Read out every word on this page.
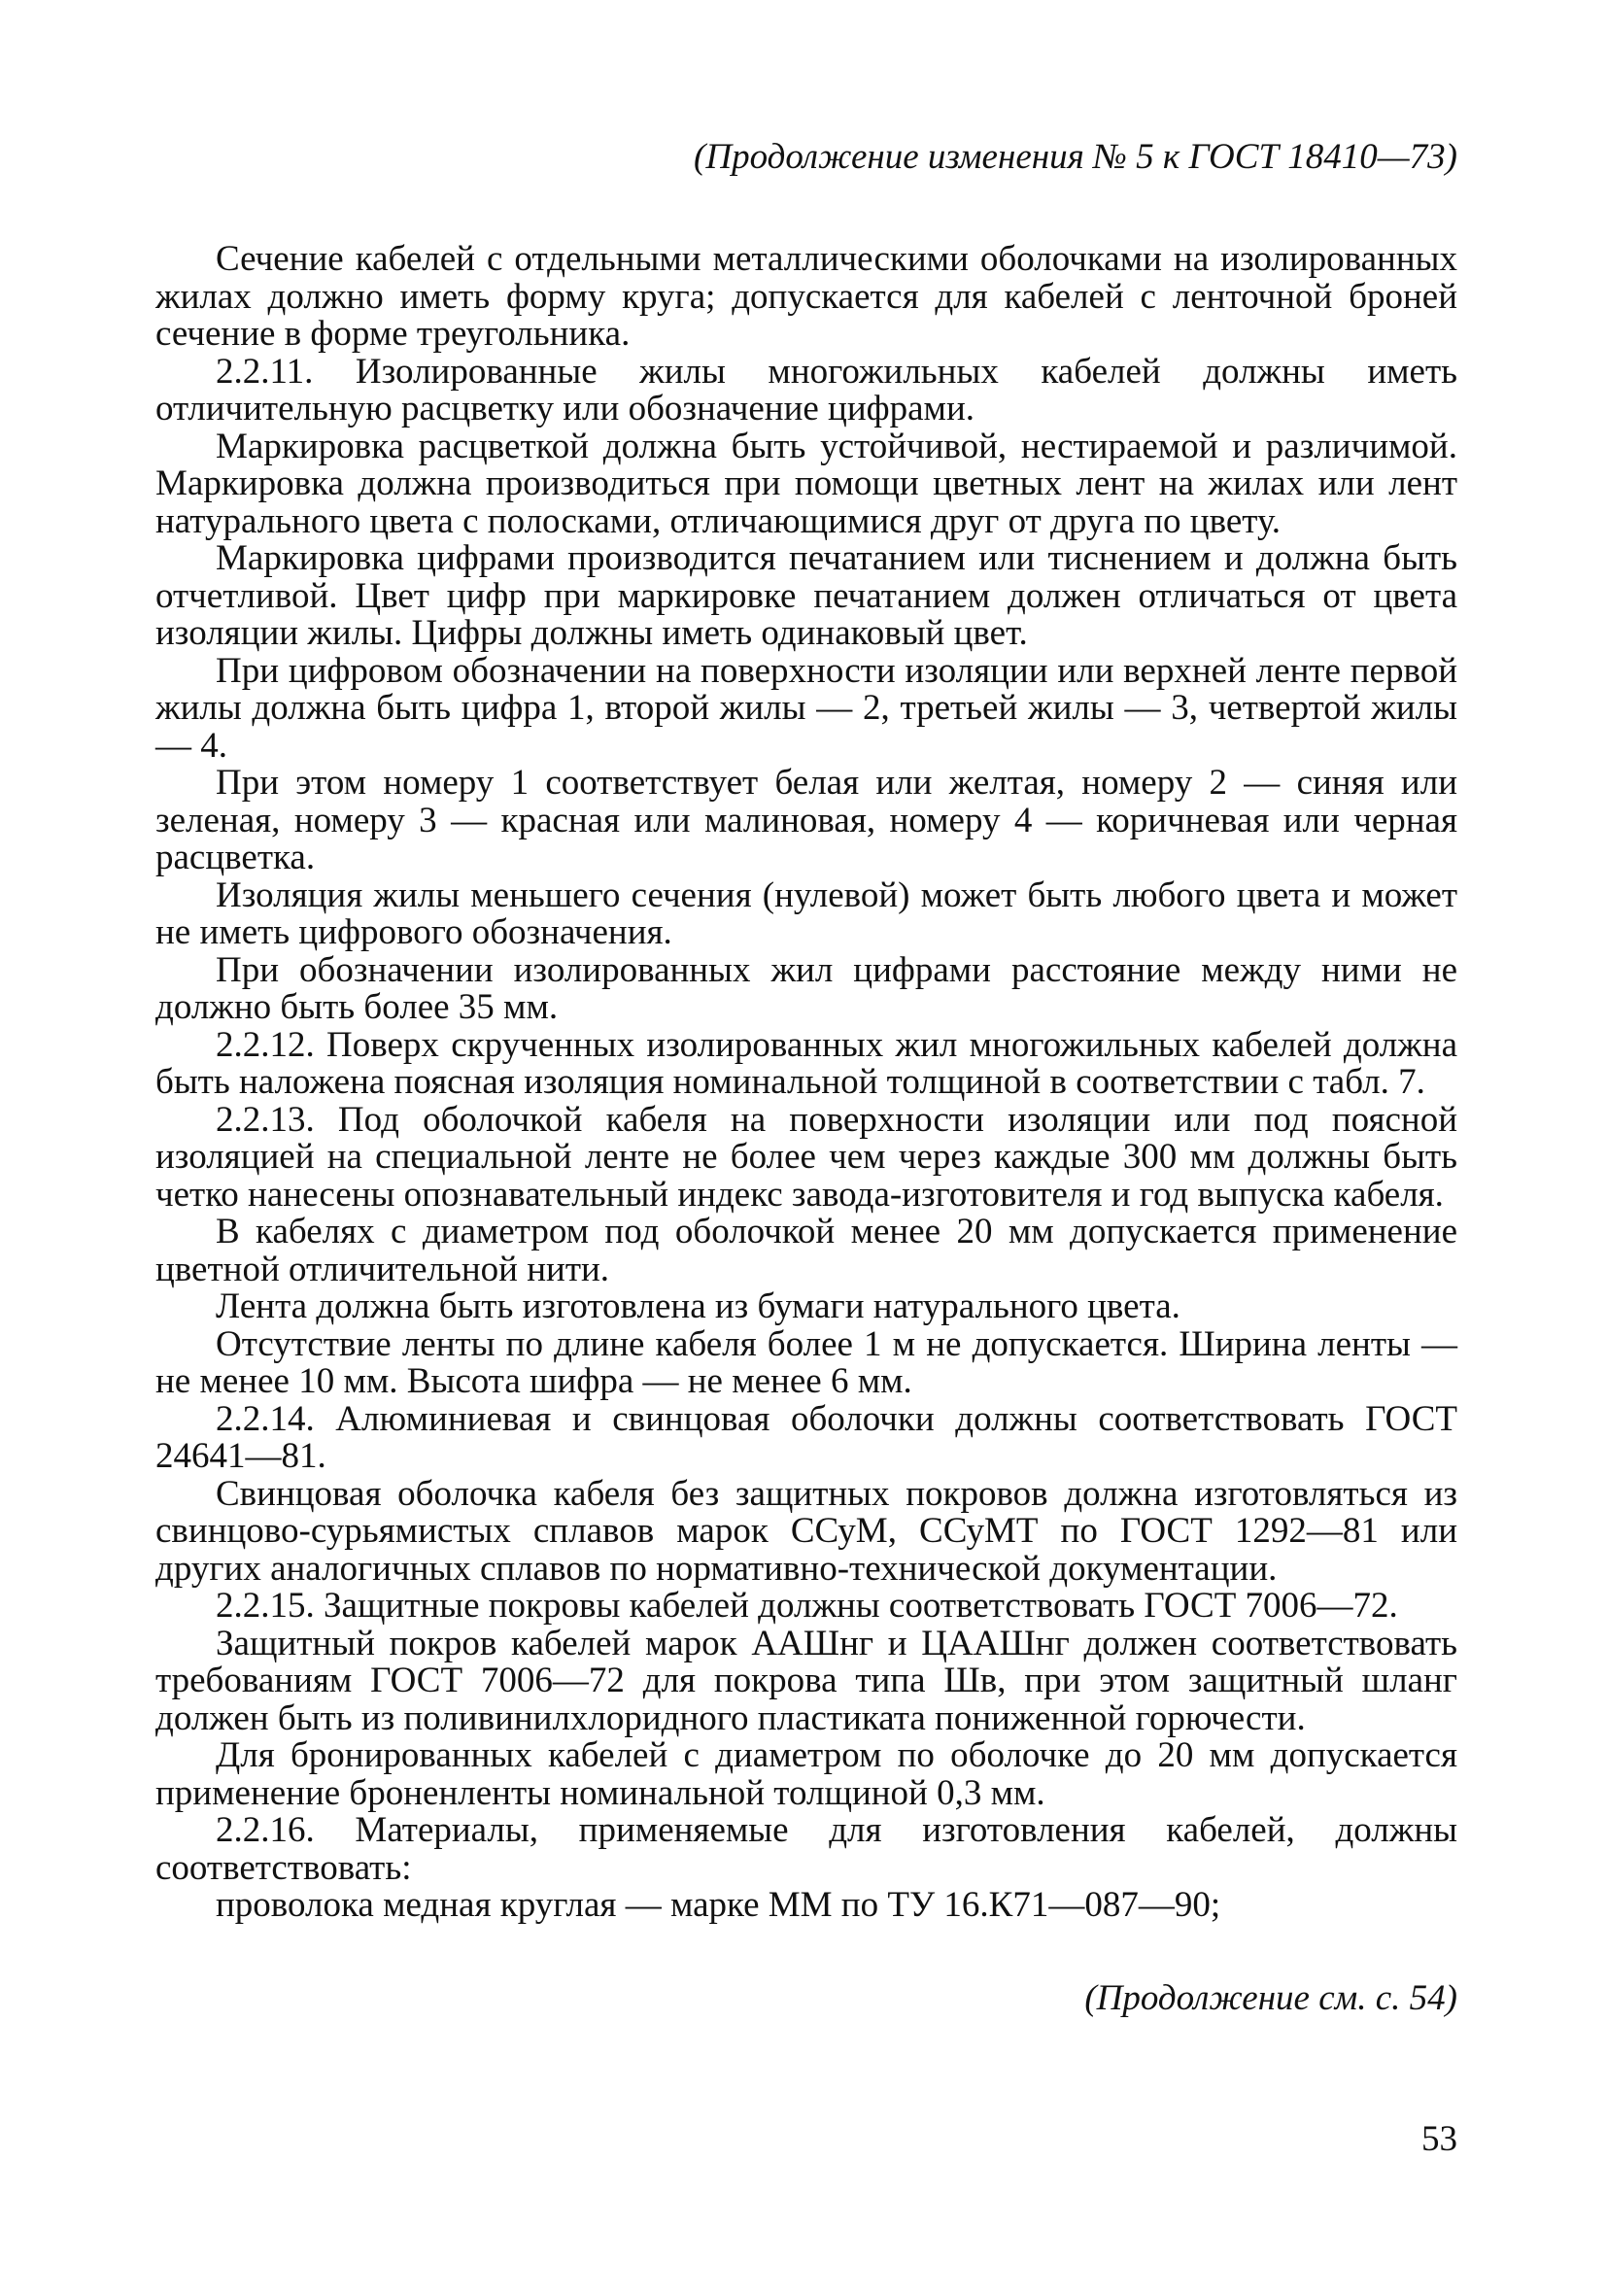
(Продолжение изменения № 5 к ГОСТ 18410—73)

Сечение кабелей с отдельными металлическими оболочками на изолированных жилах должно иметь форму круга; допускается для кабелей с ленточной броней сечение в форме треугольника.

2.2.11. Изолированные жилы многожильных кабелей должны иметь отличительную расцветку или обозначение цифрами.

Маркировка расцветкой должна быть устойчивой, нестираемой и различимой. Маркировка должна производиться при помощи цветных лент на жилах или лент натурального цвета с полосками, отличающимися друг от друга по цвету.

Маркировка цифрами производится печатанием или тиснением и должна быть отчетливой. Цвет цифр при маркировке печатанием должен отличаться от цвета изоляции жилы. Цифры должны иметь одинаковый цвет.

При цифровом обозначении на поверхности изоляции или верхней ленте первой жилы должна быть цифра 1, второй жилы — 2, третьей жилы — 3, четвертой жилы — 4.

При этом номеру 1 соответствует белая или желтая, номеру 2 — синяя или зеленая, номеру 3 — красная или малиновая, номеру 4 — коричневая или черная расцветка.

Изоляция жилы меньшего сечения (нулевой) может быть любого цвета и может не иметь цифрового обозначения.

При обозначении изолированных жил цифрами расстояние между ними не должно быть более 35 мм.

2.2.12. Поверх скрученных изолированных жил многожильных кабелей должна быть наложена поясная изоляция номинальной толщиной в соответствии с табл. 7.

2.2.13. Под оболочкой кабеля на поверхности изоляции или под поясной изоляцией на специальной ленте не более чем через каждые 300 мм должны быть четко нанесены опознавательный индекс завода-изготовителя и год выпуска кабеля.

В кабелях с диаметром под оболочкой менее 20 мм допускается применение цветной отличительной нити.

Лента должна быть изготовлена из бумаги натурального цвета.

Отсутствие ленты по длине кабеля более 1 м не допускается. Ширина ленты — не менее 10 мм. Высота шифра — не менее 6 мм.

2.2.14. Алюминиевая и свинцовая оболочки должны соответствовать ГОСТ 24641—81.

Свинцовая оболочка кабеля без защитных покровов должна изготовляться из свинцово-сурьямистых сплавов марок ССуМ, ССуМТ по ГОСТ 1292—81 или других аналогичных сплавов по нормативно-технической документации.

2.2.15. Защитные покровы кабелей должны соответствовать ГОСТ 7006—72.

Защитный покров кабелей марок ААШнг и ЦААШнг должен соответствовать требованиям ГОСТ 7006—72 для покрова типа Шв, при этом защитный шланг должен быть из поливинилхлоридного пластиката пониженной горючести.

Для бронированных кабелей с диаметром по оболочке до 20 мм допускается применение броненленты номинальной толщиной 0,3 мм.

2.2.16. Материалы, применяемые для изготовления кабелей, должны соответствовать:

проволока медная круглая — марке ММ по ТУ 16.К71—087—90;

(Продолжение см. с. 54)
53
